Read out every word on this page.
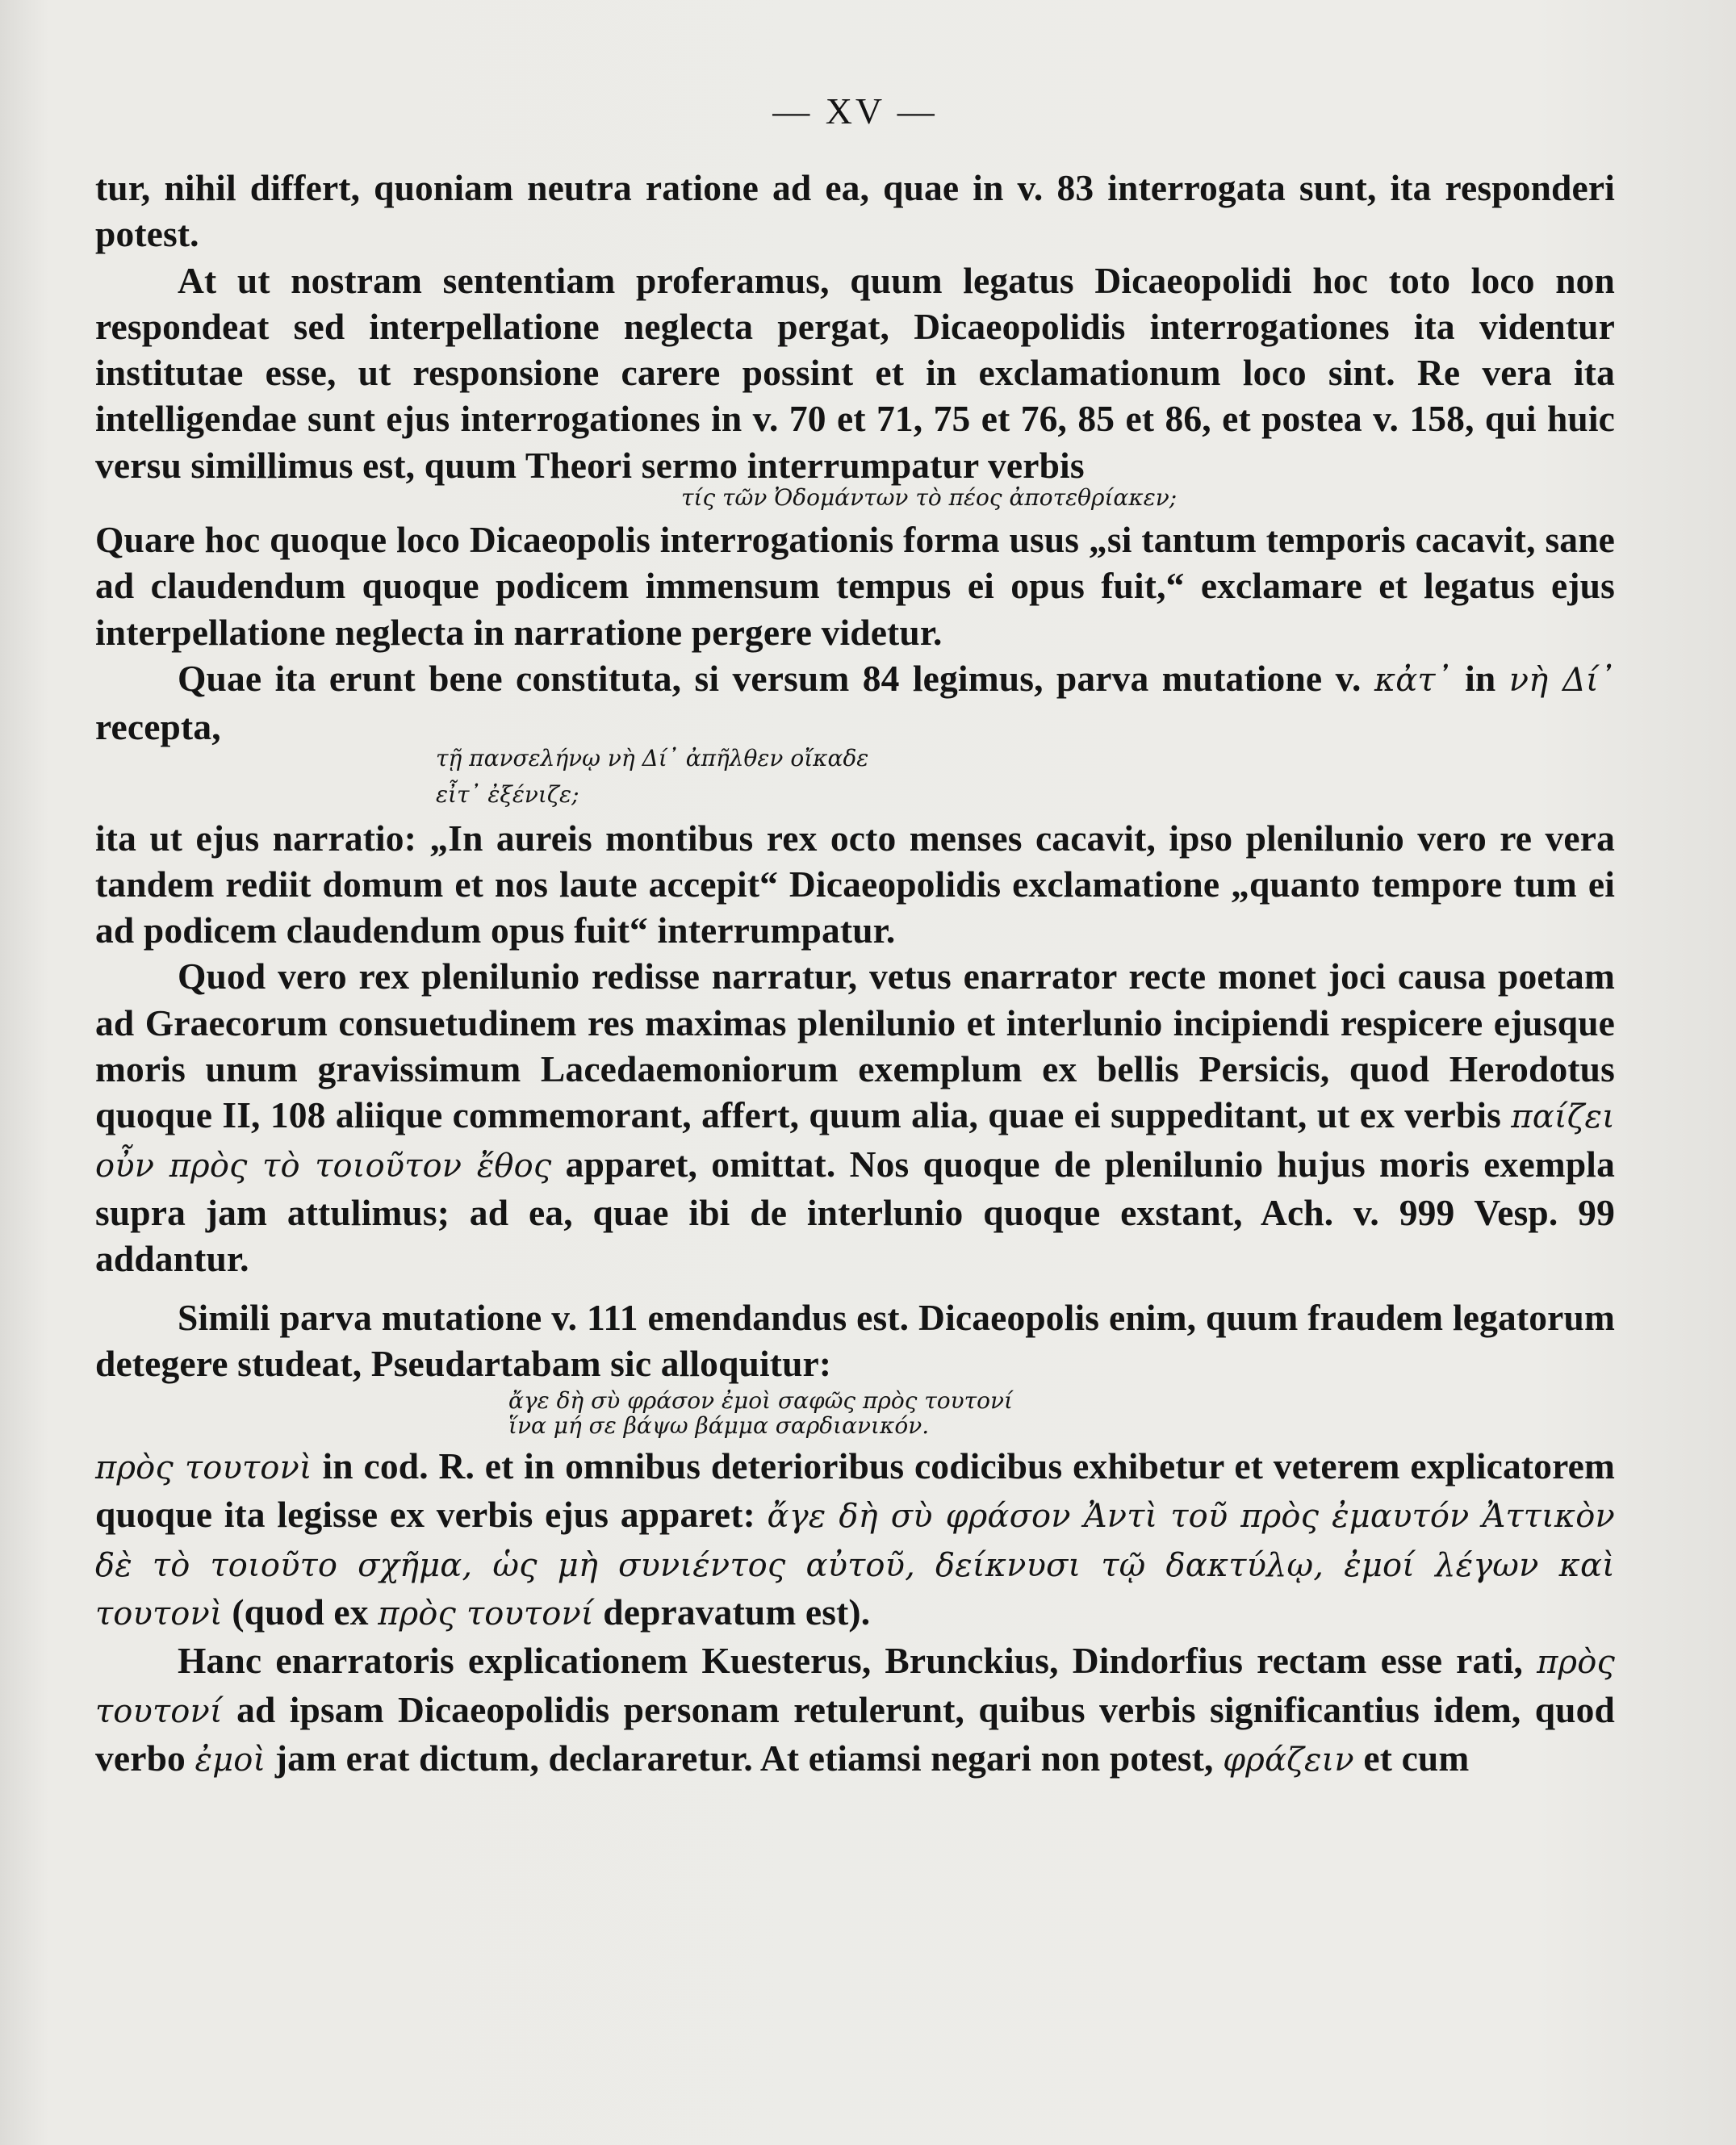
— XV —

tur, nihil differt, quoniam neutra ratione ad ea, quae in v. 83 interrogata sunt, ita responderi potest.

At ut nostram sententiam proferamus, quum legatus Dicaeopolidi hoc toto loco non respondeat sed interpellatione neglecta pergat, Dicaeopolidis interrogationes ita videntur institutae esse, ut responsione carere possint et in exclamationum loco sint. Re vera ita intelligendae sunt ejus interrogationes in v. 70 et 71, 75 et 76, 85 et 86, et postea v. 158, qui huic versu simillimus est, quum Theori sermo interrumpatur verbis

τίς τῶν Ὀδομάντων τὸ πέος ἀποτεθρίακεν;

Quare hoc quoque loco Dicaeopolis interrogationis forma usus „si tantum temporis cacavit, sane ad claudendum quoque podicem immensum tempus ei opus fuit,“ exclamare et legatus ejus interpellatione neglecta in narratione pergere videtur.

Quae ita erunt bene constituta, si versum 84 legimus, parva mutatione v. κἀτ᾿ in νὴ Δί᾿ recepta,

τῇ πανσελήνῳ νὴ Δί᾿ ἀπῆλθεν οἴκαδε

εἶτ᾿ ἐξένιζε;

ita ut ejus narratio: „In aureis montibus rex octo menses cacavit, ipso plenilunio vero re vera tandem rediit domum et nos laute accepit“ Dicaeopolidis exclamatione „quanto tempore tum ei ad podicem claudendum opus fuit“ interrumpatur.

Quod vero rex plenilunio redisse narratur, vetus enarrator recte monet joci causa poetam ad Graecorum consuetudinem res maximas plenilunio et interlunio incipiendi respicere ejusque moris unum gravissimum Lacedaemoniorum exemplum ex bellis Persicis, quod Herodotus quoque II, 108 aliique commemorant, affert, quum alia, quae ei suppeditant, ut ex verbis παίζει οὖν πρὸς τὸ τοιοῦτον ἔθος apparet, omittat. Nos quoque de plenilunio hujus moris exempla supra jam attulimus; ad ea, quae ibi de interlunio quoque exstant, Ach. v. 999 Vesp. 99 addantur.

Simili parva mutatione v. 111 emendandus est. Dicaeopolis enim, quum fraudem legatorum detegere studeat, Pseudartabam sic alloquitur:

ἄγε δὴ σὺ φράσον ἐμοὶ σαφῶς πρὸς τουτονί

ἵνα μή σε βάψω βάμμα σαρδιανικόν.

πρὸς τουτονὶ in cod. R. et in omnibus deterioribus codicibus exhibetur et veterem explicatorem quoque ita legisse ex verbis ejus apparet: ἄγε δὴ σὺ φράσον Ἀντὶ τοῦ πρὸς ἐμαυτόν Ἀττικὸν δὲ τὸ τοιοῦτο σχῆμα, ὡς μὴ συνιέντος αὐτοῦ, δείκνυσι τῷ δακτύλῳ, ἐμοί λέγων καὶ τουτονὶ (quod ex πρὸς τουτονί depravatum est).

Hanc enarratoris explicationem Kuesterus, Brunckius, Dindorfius rectam esse rati, πρὸς τουτονί ad ipsam Dicaeopolidis personam retulerunt, quibus verbis significantius idem, quod verbo ἐμοὶ jam erat dictum, declararetur. At etiamsi negari non potest, φράζειν et cum
